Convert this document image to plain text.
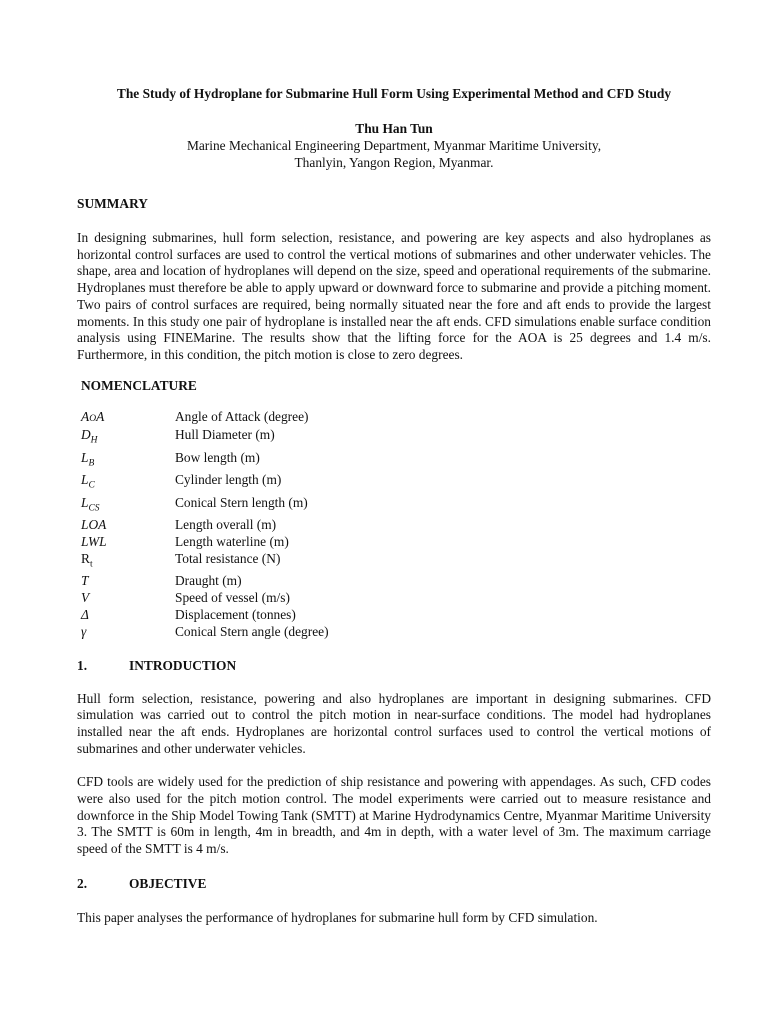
The Study of Hydroplane for Submarine Hull Form Using Experimental Method and CFD Study

Thu Han Tun
Marine Mechanical Engineering Department, Myanmar Maritime University,
Thanlyin, Yangon Region, Myanmar.
SUMMARY

In designing submarines, hull form selection, resistance, and powering are key aspects and also hydroplanes as horizontal control surfaces are used to control the vertical motions of submarines and other underwater vehicles. The shape, area and location of hydroplanes will depend on the size, speed and operational requirements of the submarine. Hydroplanes must therefore be able to apply upward or downward force to submarine and provide a pitching moment. Two pairs of control surfaces are required, being normally situated near the fore and aft ends to provide the largest moments. In this study one pair of hydroplane is installed near the aft ends. CFD simulations enable surface condition analysis using FINEMarine. The results show that the lifting force for the AOA is 25 degrees and 1.4 m/s. Furthermore, in this condition, the pitch motion is close to zero degrees.

NOMENCLATURE
AOA	Angle of Attack (degree)
$D_H$	Hull Diameter (m)
$L_B$	Bow length (m)
$L_C$	Cylinder length (m)
$L_{CS}$	Conical Stern length (m)
LOA	Length overall (m)
LWL	Length waterline (m)
$R_t$	Total resistance (N)
T	Draught (m)
V	Speed of vessel (m/s)
Δ	Displacement (tonnes)
γ	Conical Stern angle (degree)
1.	INTRODUCTION

Hull form selection, resistance, powering and also hydroplanes are important in designing submarines. CFD simulation was carried out to control the pitch motion in near-surface conditions. The model had hydroplanes installed near the aft ends. Hydroplanes are horizontal control surfaces used to control the vertical motions of submarines and other underwater vehicles.

CFD tools are widely used for the prediction of ship resistance and powering with appendages. As such, CFD codes were also used for the pitch motion control. The model experiments were carried out to measure resistance and downforce in the Ship Model Towing Tank (SMTT) at Marine Hydrodynamics Centre, Myanmar Maritime University 3. The SMTT is 60m in length, 4m in breadth, and 4m in depth, with a water level of 3m. The maximum carriage speed of the SMTT is 4 m/s.

2.	OBJECTIVE

This paper analyses the performance of hydroplanes for submarine hull form by CFD simulation.
